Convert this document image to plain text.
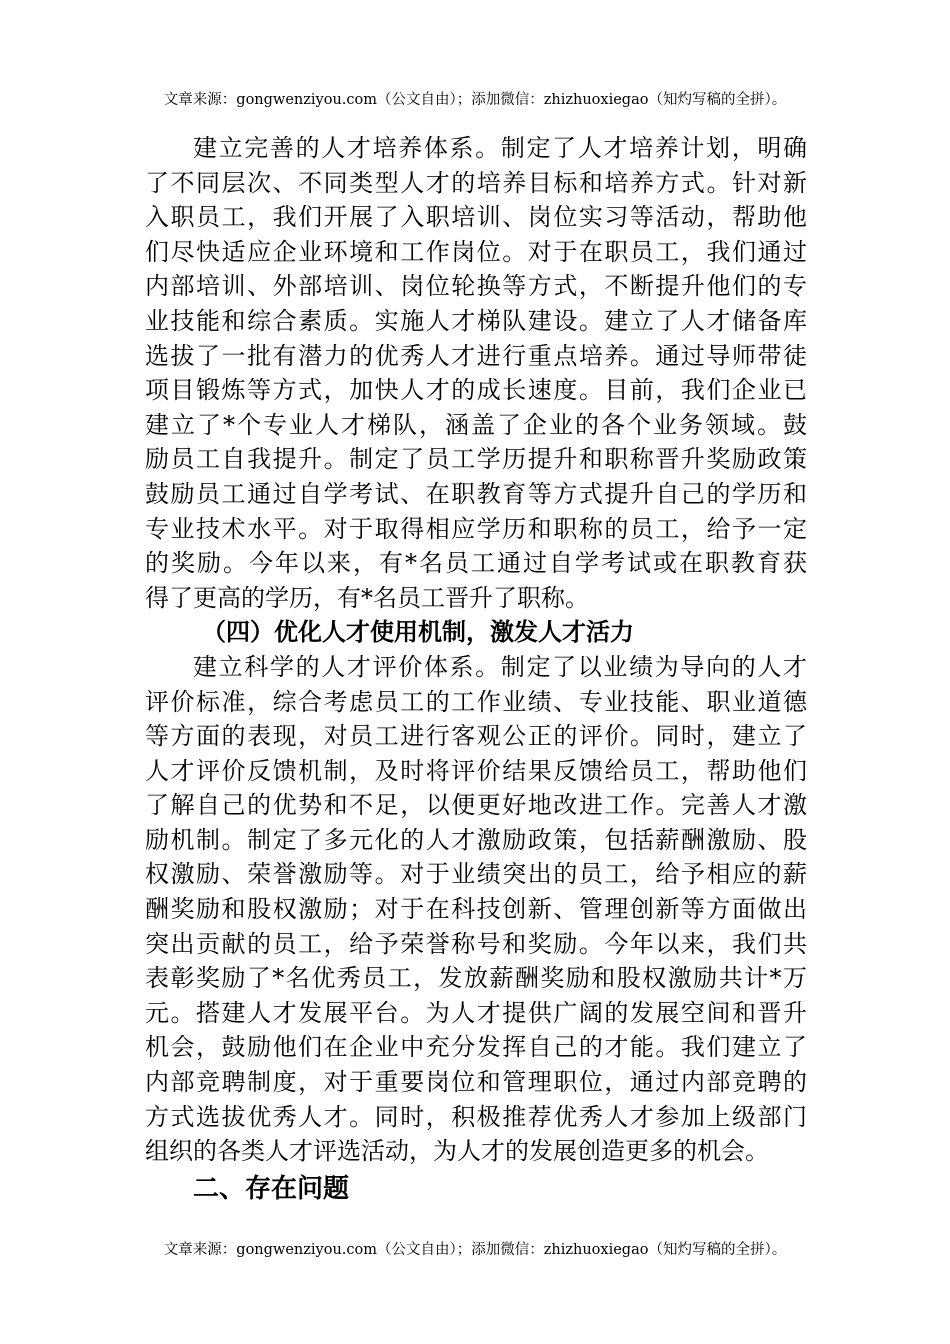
文章来源：gongwenziyou.com（公文自由）；添加微信：zhizhuoxiegao（知灼写稿的全拼）。
建立完善的人才培养体系。制定了人才培养计划，明确
了不同层次、不同类型人才的培养目标和培养方式。针对新
入职员工，我们开展了入职培训、岗位实习等活动，帮助他
们尽快适应企业环境和工作岗位。对于在职员工，我们通过
内部培训、外部培训、岗位轮换等方式，不断提升他们的专
业技能和综合素质。实施人才梯队建设。建立了人才储备库
选拔了一批有潜力的优秀人才进行重点培养。通过导师带徒
项目锻炼等方式，加快人才的成长速度。目前，我们企业已
建立了*个专业人才梯队，涵盖了企业的各个业务领域。鼓
励员工自我提升。制定了员工学历提升和职称晋升奖励政策
鼓励员工通过自学考试、在职教育等方式提升自己的学历和
专业技术水平。对于取得相应学历和职称的员工，给予一定
的奖励。今年以来，有*名员工通过自学考试或在职教育获
得了更高的学历，有*名员工晋升了职称。
（四）优化人才使用机制，激发人才活力
建立科学的人才评价体系。制定了以业绩为导向的人才
评价标准，综合考虑员工的工作业绩、专业技能、职业道德
等方面的表现，对员工进行客观公正的评价。同时，建立了
人才评价反馈机制，及时将评价结果反馈给员工，帮助他们
了解自己的优势和不足，以便更好地改进工作。完善人才激
励机制。制定了多元化的人才激励政策，包括薪酬激励、股
权激励、荣誉激励等。对于业绩突出的员工，给予相应的薪
酬奖励和股权激励；对于在科技创新、管理创新等方面做出
突出贡献的员工，给予荣誉称号和奖励。今年以来，我们共
表彰奖励了*名优秀员工，发放薪酬奖励和股权激励共计*万
元。搭建人才发展平台。为人才提供广阔的发展空间和晋升
机会，鼓励他们在企业中充分发挥自己的才能。我们建立了
内部竞聘制度，对于重要岗位和管理职位，通过内部竞聘的
方式选拔优秀人才。同时，积极推荐优秀人才参加上级部门
组织的各类人才评选活动，为人才的发展创造更多的机会。
二、存在问题
文章来源：gongwenziyou.com（公文自由）；添加微信：zhizhuoxiegao（知灼写稿的全拼）。
